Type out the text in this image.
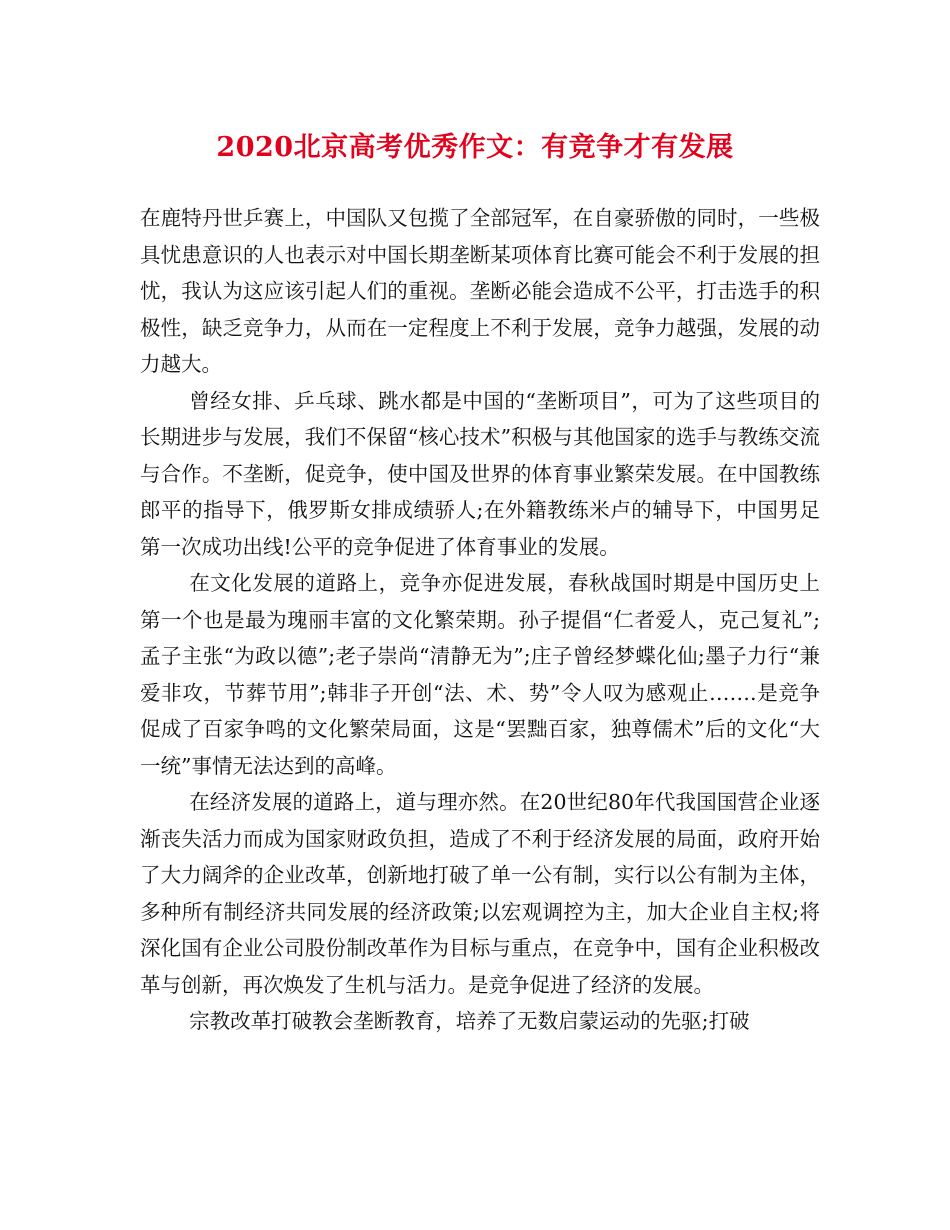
2020北京高考优秀作文：有竞争才有发展

在鹿特丹世乒赛上，中国队又包揽了全部冠军，在自豪骄傲的同时，一些极具忧患意识的人也表示对中国长期垄断某项体育比赛可能会不利于发展的担忧，我认为这应该引起人们的重视。垄断必能会造成不公平，打击选手的积极性，缺乏竞争力，从而在一定程度上不利于发展，竞争力越强，发展的动力越大。

曾经女排、乒乓球、跳水都是中国的“垄断项目”，可为了这些项目的长期进步与发展，我们不保留“核心技术”积极与其他国家的选手与教练交流与合作。不垄断，促竞争，使中国及世界的体育事业繁荣发展。在中国教练郎平的指导下，俄罗斯女排成绩骄人;在外籍教练米卢的辅导下，中国男足第一次成功出线!公平的竞争促进了体育事业的发展。

在文化发展的道路上，竞争亦促进发展，春秋战国时期是中国历史上第一个也是最为瑰丽丰富的文化繁荣期。孙子提倡“仁者爱人，克己复礼”;孟子主张“为政以德”;老子崇尚“清静无为”;庄子曾经梦蝶化仙;墨子力行“兼爱非攻，节葬节用”;韩非子开创“法、术、势”令人叹为感观止…….是竞争促成了百家争鸣的文化繁荣局面，这是“罢黜百家，独尊儒术”后的文化“大一统”事情无法达到的高峰。

在经济发展的道路上，道与理亦然。在20世纪80年代我国国营企业逐渐丧失活力而成为国家财政负担，造成了不利于经济发展的局面，政府开始了大力阔斧的企业改革，创新地打破了单一公有制，实行以公有制为主体，多种所有制经济共同发展的经济政策;以宏观调控为主，加大企业自主权;将深化国有企业公司股份制改革作为目标与重点，在竞争中，国有企业积极改革与创新，再次焕发了生机与活力。是竞争促进了经济的发展。

宗教改革打破教会垄断教育，培养了无数启蒙运动的先驱;打破
